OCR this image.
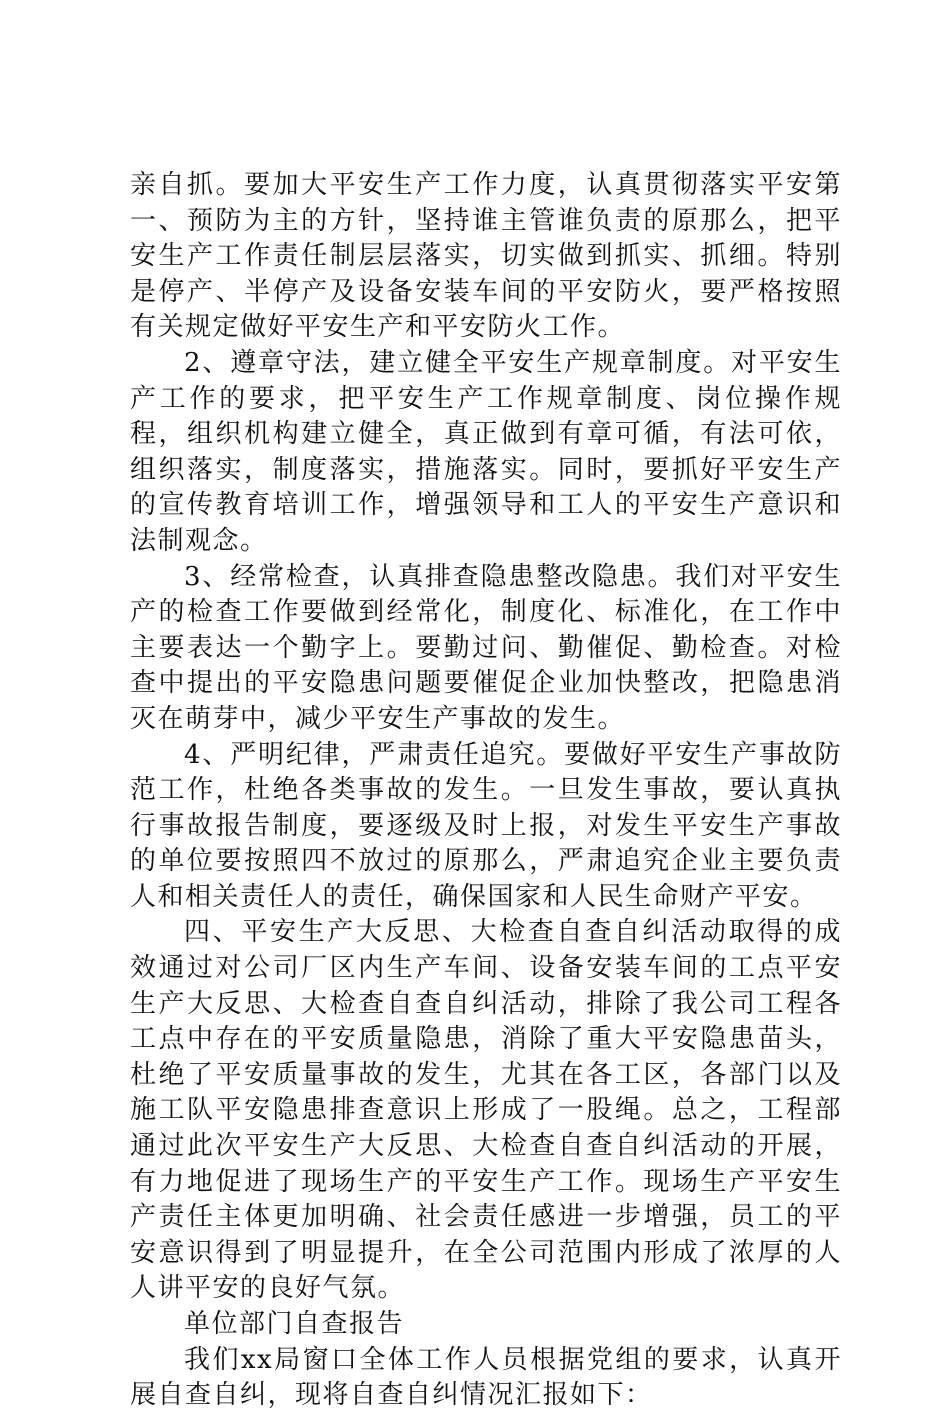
亲自抓。要加大平安生产工作力度，认真贯彻落实平安第一、预防为主的方针，坚持谁主管谁负责的原那么，把平安生产工作责任制层层落实，切实做到抓实、抓细。特别是停产、半停产及设备安装车间的平安防火，要严格按照有关规定做好平安生产和平安防火工作。

2、遵章守法，建立健全平安生产规章制度。对平安生产工作的要求，把平安生产工作规章制度、岗位操作规程，组织机构建立健全，真正做到有章可循，有法可依，组织落实，制度落实，措施落实。同时，要抓好平安生产的宣传教育培训工作，增强领导和工人的平安生产意识和法制观念。

3、经常检查，认真排查隐患整改隐患。我们对平安生产的检查工作要做到经常化，制度化、标准化，在工作中主要表达一个勤字上。要勤过问、勤催促、勤检查。对检查中提出的平安隐患问题要催促企业加快整改，把隐患消灭在萌芽中，减少平安生产事故的发生。

4、严明纪律，严肃责任追究。要做好平安生产事故防范工作，杜绝各类事故的发生。一旦发生事故，要认真执行事故报告制度，要逐级及时上报，对发生平安生产事故的单位要按照四不放过的原那么，严肃追究企业主要负责人和相关责任人的责任，确保国家和人民生命财产平安。

四、平安生产大反思、大检查自查自纠活动取得的成效通过对公司厂区内生产车间、设备安装车间的工点平安生产大反思、大检查自查自纠活动，排除了我公司工程各工点中存在的平安质量隐患，消除了重大平安隐患苗头，杜绝了平安质量事故的发生，尤其在各工区，各部门以及施工队平安隐患排查意识上形成了一股绳。总之，工程部通过此次平安生产大反思、大检查自查自纠活动的开展，有力地促进了现场生产的平安生产工作。现场生产平安生产责任主体更加明确、社会责任感进一步增强，员工的平安意识得到了明显提升，在全公司范围内形成了浓厚的人人讲平安的良好气氛。

单位部门自查报告

我们xx局窗口全体工作人员根据党组的要求，认真开展自查自纠，现将自查自纠情况汇报如下：
